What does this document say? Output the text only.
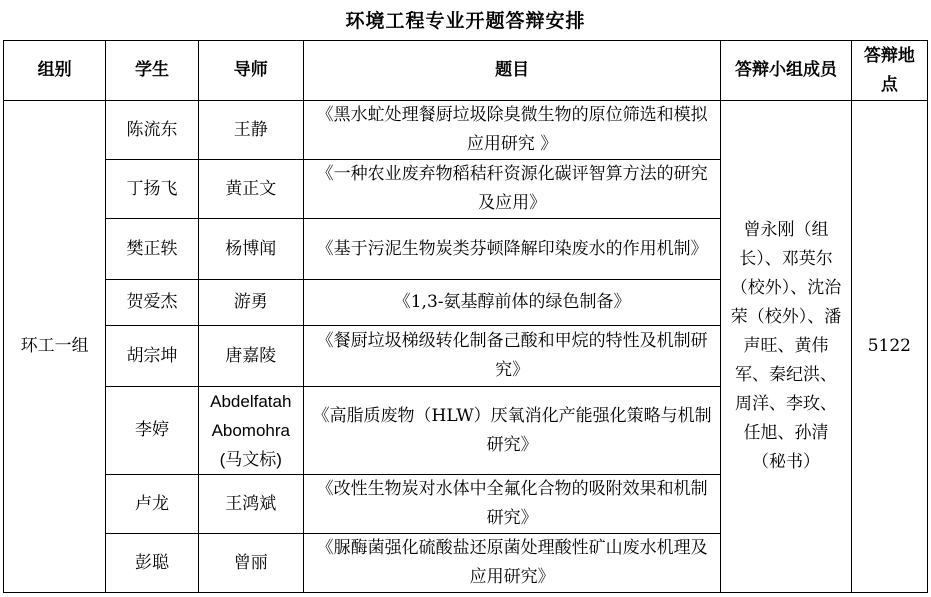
环境工程专业开题答辩安排
组别	学生	导师	题目	答辩小组成员	答辩地点
环工一组	陈流东	王静	《黑水虻处理餐厨垃圾除臭微生物的原位筛选和模拟应用研究 》	曾永刚（组长）、邓英尔（校外）、沈治荣（校外）、潘声旺、黄伟军、秦纪洪、周洋、李玫、任旭、孙清（秘书）	5122
	丁扬飞	黄正文	《一种农业废弃物稻秸秆资源化碳评智算方法的研究及应用》		
	樊正轶	杨博闻	《基于污泥生物炭类芬顿降解印染废水的作用机制》		
	贺爱杰	游勇	《1,3-氨基醇前体的绿色制备》		
	胡宗坤	唐嘉陵	《餐厨垃圾梯级转化制备己酸和甲烷的特性及机制研究》		
	李婷	Abdelfatah Abomohra (马文标)	《高脂质废物（HLW）厌氧消化产能强化策略与机制研究》		
	卢龙	王鸿斌	《改性生物炭对水体中全氟化合物的吸附效果和机制研究》		
	彭聪	曾丽	《脲酶菌强化硫酸盐还原菌处理酸性矿山废水机理及应用研究》		
